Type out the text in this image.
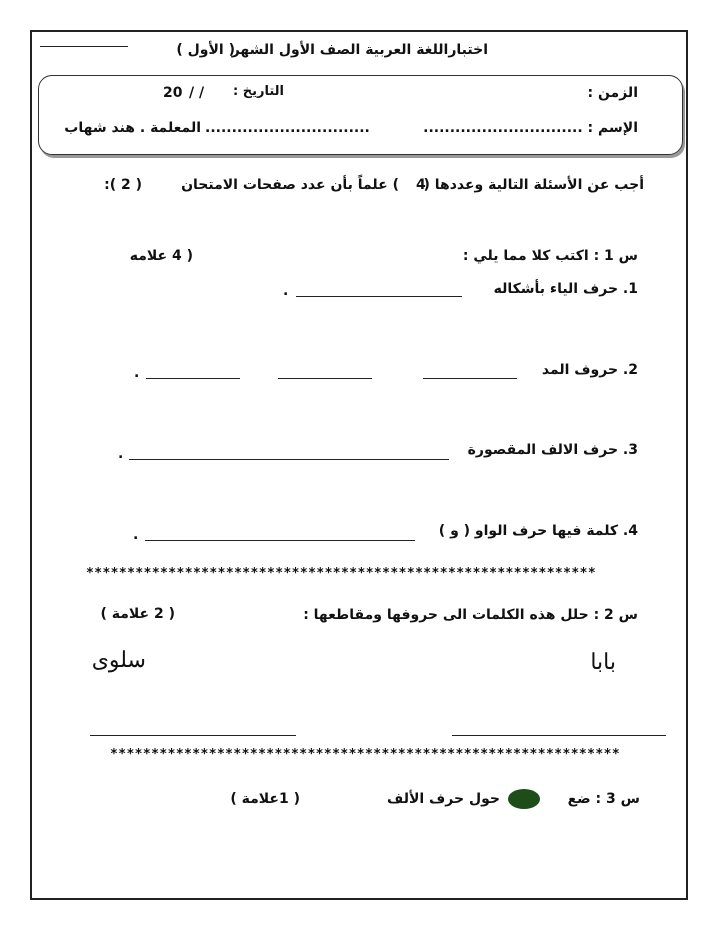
اختباراللغة العربية الصف الأول الشهر
( الأول )
الزمن :
التاريخ :
/ /
20
الإسم : ..............................
المعلمة . هند شهاب ...............................
أجب عن الأسئلة التالية وعددها (
4
) علماً بأن عدد صفحات الامتحان
( 2 ):
س 1 : اكتب كلا مما يلي :
( 4 علامه
1. حرف الياء بأشكاله
.
2. حروف المد
.
3. حرف الالف المقصورة
.
4. كلمة فيها حرف الواو ( و )
.
**************************************************************
س 2 : حلل هذه الكلمات الى حروفها ومقاطعها :
( 2 علامة )
بابا
سلوى
**************************************************************
س 3 : ضع
حول حرف الألف
( 1علامة )
